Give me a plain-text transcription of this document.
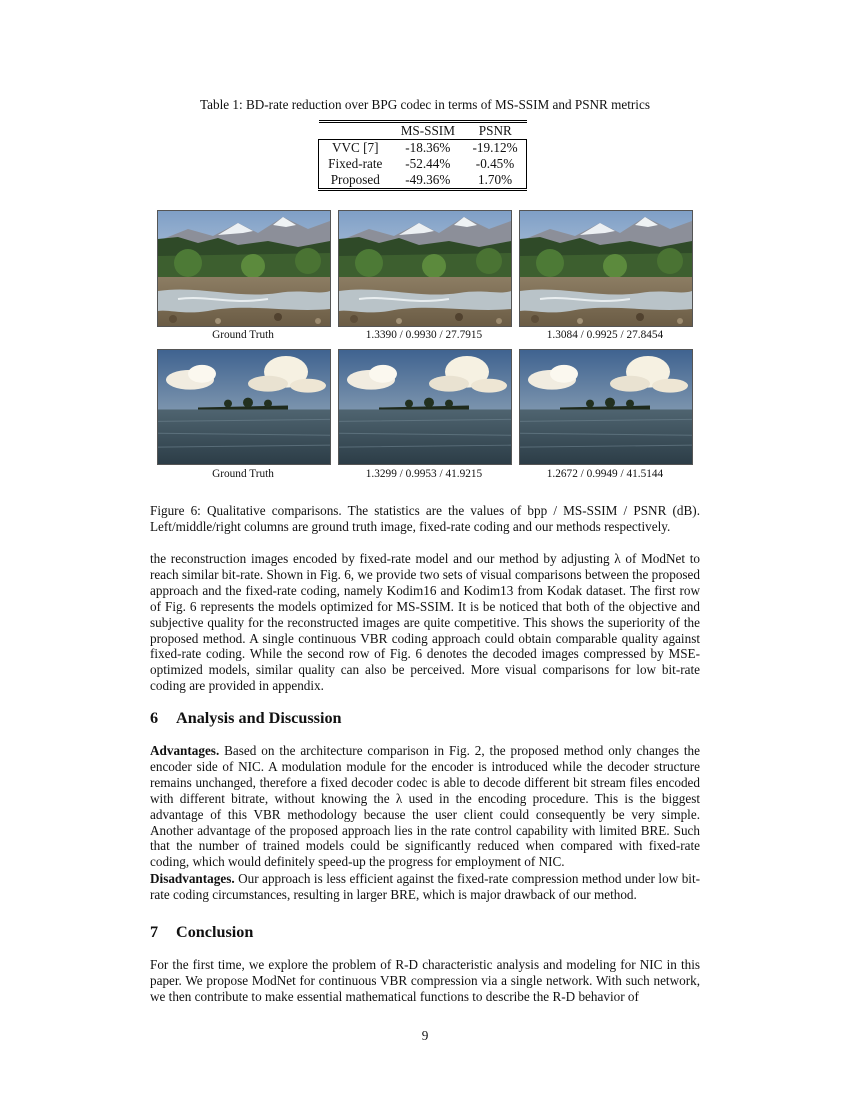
Table 1: BD-rate reduction over BPG codec in terms of MS-SSIM and PSNR metrics
	MS-SSIM	PSNR
VVC [7]	-18.36%	-19.12%
Fixed-rate	-52.44%	-0.45%
Proposed	-49.36%	1.70%
Ground Truth	1.3390 / 0.9930 / 27.7915	1.3084 / 0.9925 / 27.8454
Ground Truth	1.3299 / 0.9953 / 41.9215	1.2672 / 0.9949 / 41.5144

Figure 6: Qualitative comparisons. The statistics are the values of bpp / MS-SSIM / PSNR (dB). Left/middle/right columns are ground truth image, fixed-rate coding and our methods respectively.

the reconstruction images encoded by fixed-rate model and our method by adjusting λ of ModNet to reach similar bit-rate. Shown in Fig. 6, we provide two sets of visual comparisons between the proposed approach and the fixed-rate coding, namely Kodim16 and Kodim13 from Kodak dataset. The first row of Fig. 6 represents the models optimized for MS-SSIM. It is be noticed that both of the objective and subjective quality for the reconstructed images are quite competitive. This shows the superiority of the proposed method. A single continuous VBR coding approach could obtain comparable quality against fixed-rate coding. While the second row of Fig. 6 denotes the decoded images compressed by MSE-optimized models, similar quality can also be perceived. More visual comparisons for low bit-rate coding are provided in appendix.

6 Analysis and Discussion

Advantages. Based on the architecture comparison in Fig. 2, the proposed method only changes the encoder side of NIC. A modulation module for the encoder is introduced while the decoder structure remains unchanged, therefore a fixed decoder codec is able to decode different bit stream files encoded with different bitrate, without knowing the λ used in the encoding procedure. This is the biggest advantage of this VBR methodology because the user client could consequently be very simple. Another advantage of the proposed approach lies in the rate control capability with limited BRE. Such that the number of trained models could be significantly reduced when compared with fixed-rate coding, which would definitely speed-up the progress for employment of NIC.

Disadvantages. Our approach is less efficient against the fixed-rate compression method under low bit-rate coding circumstances, resulting in larger BRE, which is major drawback of our method.

7 Conclusion

For the first time, we explore the problem of R-D characteristic analysis and modeling for NIC in this paper. We propose ModNet for continuous VBR compression via a single network. With such network, we then contribute to make essential mathematical functions to describe the R-D behavior of

9
